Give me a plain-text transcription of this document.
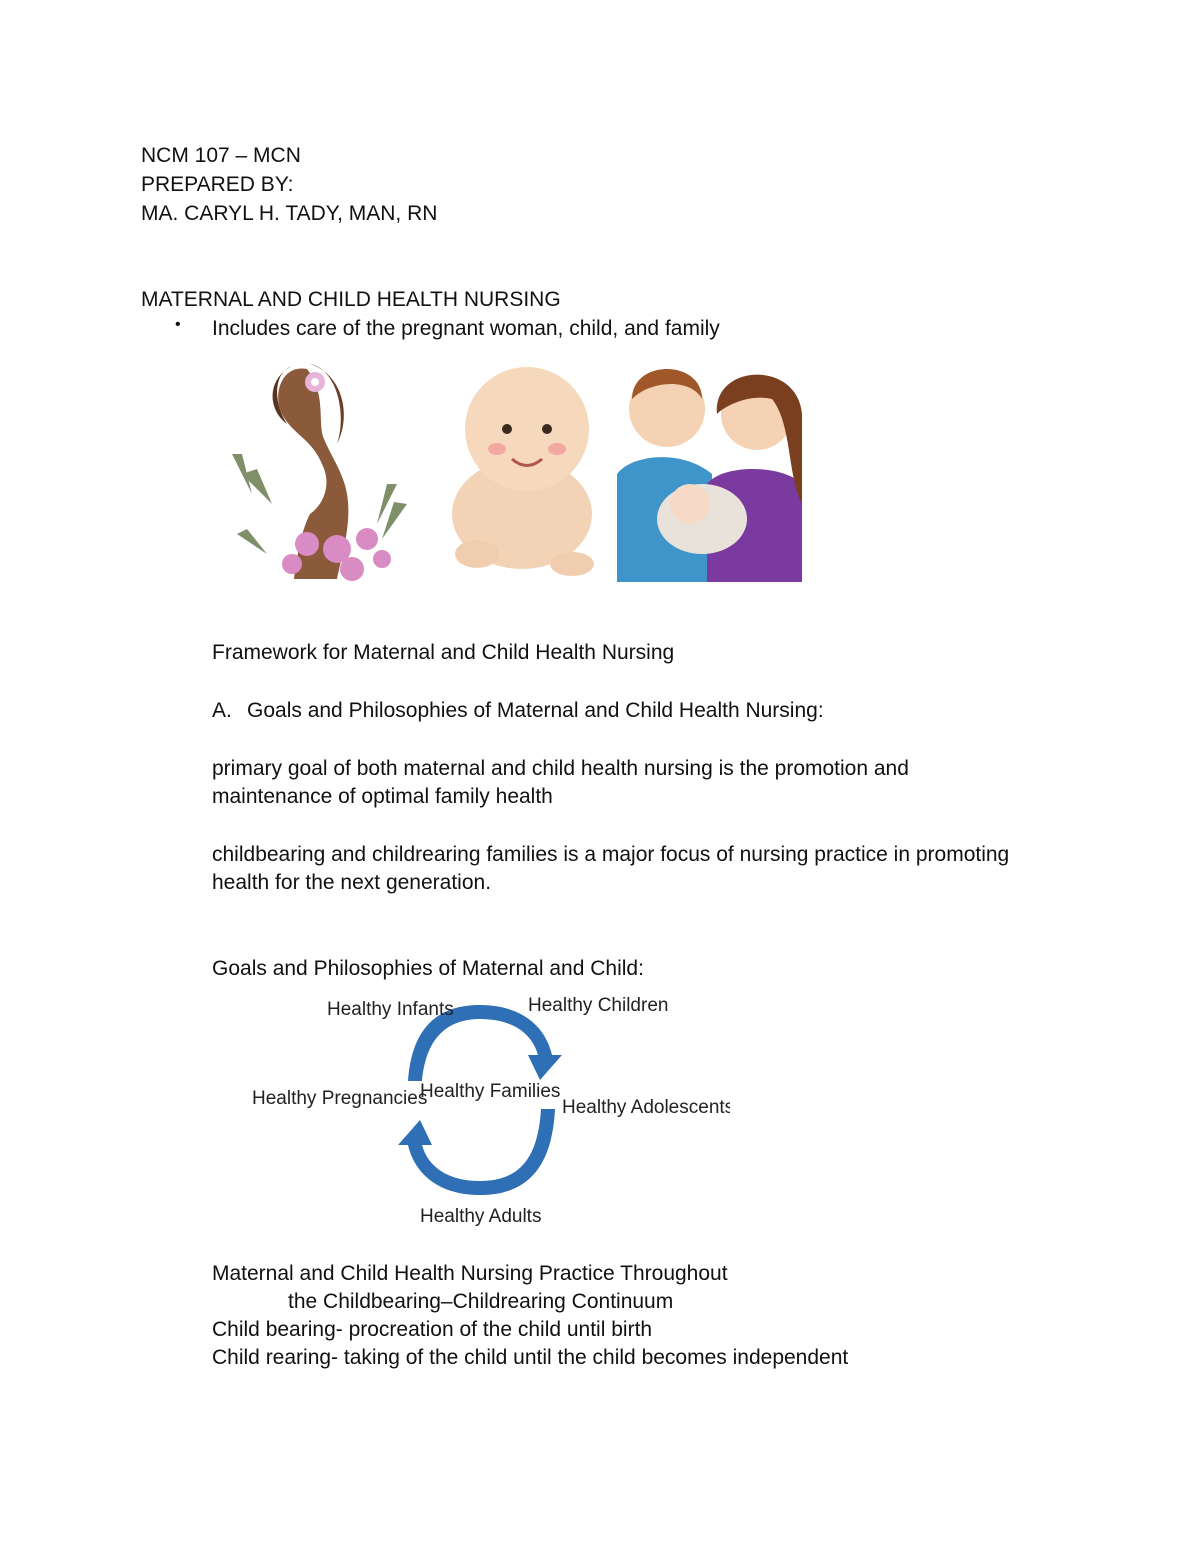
NCM 107 – MCN
PREPARED BY:
MA. CARYL H. TADY, MAN, RN
MATERNAL AND CHILD HEALTH NURSING
• Includes care of the pregnant woman, child, and family
Framework for Maternal and Child Health Nursing
A. Goals and Philosophies of Maternal and Child Health Nursing:
primary goal of both maternal and child health nursing is the promotion and
maintenance of optimal family health
childbearing and childrearing families is a major focus of nursing practice in promoting
health for the next generation.
Goals and Philosophies of Maternal and Child:
Healthy Infants	Healthy Children
Healthy Pregnancies
Healthy Families
Healthy Adolescents
Healthy Adults
Maternal and Child Health Nursing Practice Throughout
the Childbearing–Childrearing Continuum
Child bearing- procreation of the child until birth
Child rearing- taking of the child until the child becomes independent
